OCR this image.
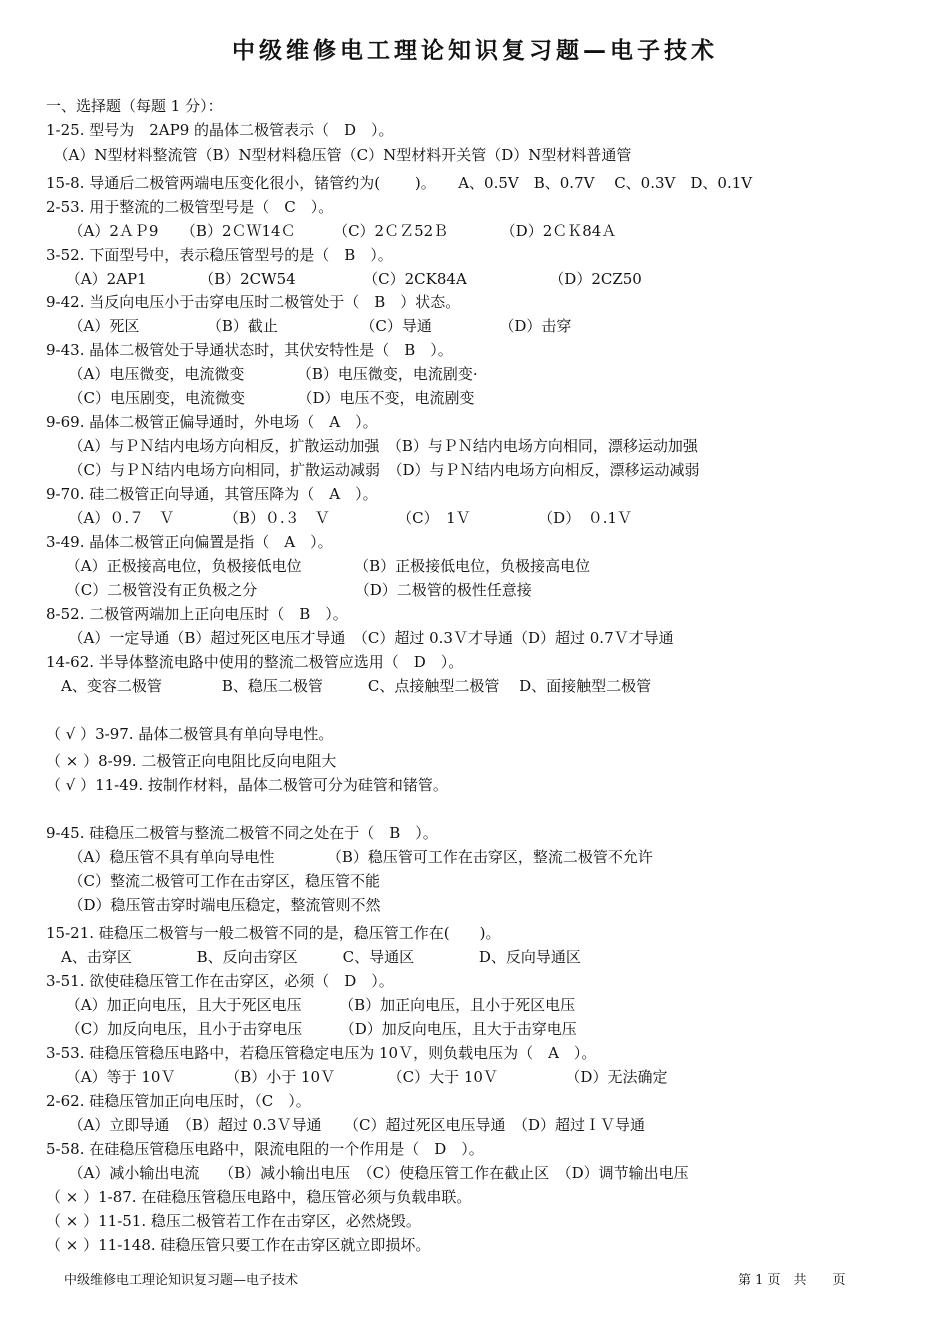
中级维修电工理论知识复习题—电子技术
一、选择题（每题 1 分）：
1-25. 型号为　2AP9 的晶体二极管表示（　D　）。
　（A）N型材料整流管（B）N型材料稳压管（C）N型材料开关管（D）N型材料普通管
15-8. 导通后二极管两端电压变化很小，锗管约为(　　 )。　　A、0.5V　B、0.7V　 C、0.3V　D、0.1V
2-53. 用于整流的二极管型号是（　C　）。
　　（A）2ＡＰ9　　（B）2ＣＷ14Ｃ　　　（C）2ＣＺ52Ｂ　　　　（D）2ＣＫ84Ａ
3-52. 下面型号中，表示稳压管型号的是（　B　）。
　 （A）2AP1　　　　（B）2CW54　　　　　（C）2CK84A　　　　　　（D）2CZ50
9-42. 当反向电压小于击穿电压时二极管处于（　B　）状态。
　　（A）死区　　　　　（B）截止　　　　　　（C）导通　　　　　（D）击穿
9-43. 晶体二极管处于导通状态时，其伏安特性是（　B　）。
　　（A）电压微变，电流微变　　　　（B）电压微变，电流剧变·
　　（C）电压剧变，电流微变　　　　（D）电压不变，电流剧变
9-69. 晶体二极管正偏导通时，外电场（　A　）。
　　（A）与ＰＮ结内电场方向相反，扩散运动加强　（B）与ＰＮ结内电场方向相同，漂移运动加强
　　（C）与ＰＮ结内电场方向相同，扩散运动减弱　（D）与ＰＮ结内电场方向相反，漂移运动减弱
9-70. 硅二极管正向导通，其管压降为（　A　）。
　　（A）０.７　Ｖ　　　 （B）０.３　Ｖ　　　　　（C）　1Ｖ　　　　　（D）　０.1Ｖ
3-49. 晶体二极管正向偏置是指（　A　）。
　 （A）正极接高电位，负极接低电位　　　　（B）正极接低电位，负极接高电位
　 （C）二极管没有正负极之分　　　　　　　（D）二极管的极性任意接
8-52. 二极管两端加上正向电压时（　B　）。
　　（A）一定导通（B）超过死区电压才导通　（C）超过 0.3Ｖ才导通（D）超过 0.7Ｖ才导通
14-62. 半导体整流电路中使用的整流二极管应选用（　D　）。
　A、变容二极管　　　　B、稳压二极管　　　C、点接触型二极管　 D、面接触型二极管
（ √ ）3-97. 晶体二极管具有单向导电性。
（ × ）8-99. 二极管正向电阻比反向电阻大
（ √ ）11-49. 按制作材料，晶体二极管可分为硅管和锗管。
9-45. 硅稳压二极管与整流二极管不同之处在于（　B　）。
　　（A）稳压管不具有单向导电性　　　　（B）稳压管可工作在击穿区，整流二极管不允许
　　（C）整流二极管可工作在击穿区，稳压管不能
　　（D）稳压管击穿时端电压稳定，整流管则不然
15-21. 硅稳压二极管与一般二极管不同的是，稳压管工作在(　　)。
　A、击穿区　　　　 B、反向击穿区　　　C、导通区　　　　 D、反向导通区
3-51. 欲使硅稳压管工作在击穿区，必须（　D　）。
　 （A）加正向电压，且大于死区电压　　　（B）加正向电压，且小于死区电压
　 （C）加反向电压，且小于击穿电压　　　（D）加反向电压，且大于击穿电压
3-53. 硅稳压管稳压电路中，若稳压管稳定电压为 10Ｖ，则负载电压为（　A　）。
　 （A）等于 10Ｖ　　　 （B）小于 10Ｖ　　　　（C）大于 10Ｖ　　　　　（D）无法确定
2-62. 硅稳压管加正向电压时，（C　）。
　　（A）立即导通　（B）超过 0.3Ｖ导通　　（C）超过死区电压导通　（D）超过ＩＶ导通
5-58. 在硅稳压管稳压电路中，限流电阻的一个作用是（　D　）。
　　（A）减小输出电流　 （B）减小输出电压　（C）使稳压管工作在截止区　（D）调节输出电压
（ × ）1-87. 在硅稳压管稳压电路中，稳压管必须与负载串联。
（ × ）11-51. 稳压二极管若工作在击穿区，必然烧毁。
（ × ）11-148. 硅稳压管只要工作在击穿区就立即损坏。
中级维修电工理论知识复习题—电子技术	第 1 页　共　　页
